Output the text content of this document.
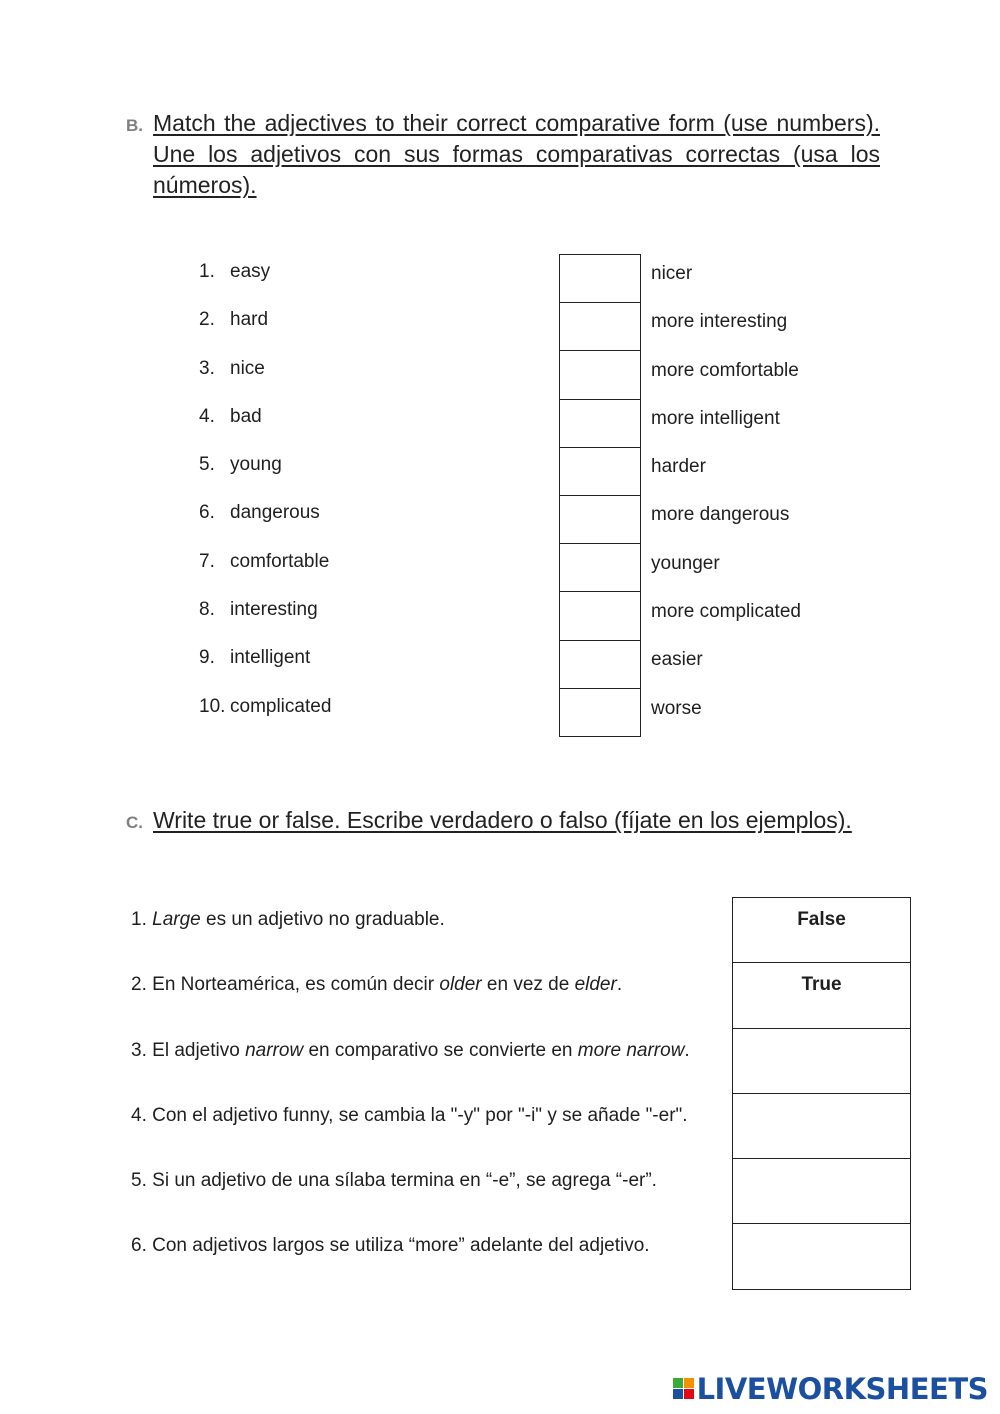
B. Match the adjectives to their correct comparative form (use numbers). Une los adjetivos con sus formas comparativas correctas (usa los números).
1. easy
2. hard
3. nice
4. bad
5. young
6. dangerous
7. comfortable
8. interesting
9. intelligent
10. complicated
nicer
more interesting
more comfortable
more intelligent
harder
more dangerous
younger
more complicated
easier
worse
C. Write true or false. Escribe verdadero o falso (fíjate en los ejemplos).
1. Large es un adjetivo no graduable.
2. En Norteamérica, es común decir older en vez de elder.
3. El adjetivo narrow en comparativo se convierte en more narrow.
4. Con el adjetivo funny, se cambia la "-y" por "-i" y se añade "-er".
5. Si un adjetivo de una sílaba termina en “-e”, se agrega “-er”.
6. Con adjetivos largos se utiliza “more” adelante del adjetivo.
False
True
LIVEWORKSHEETS
